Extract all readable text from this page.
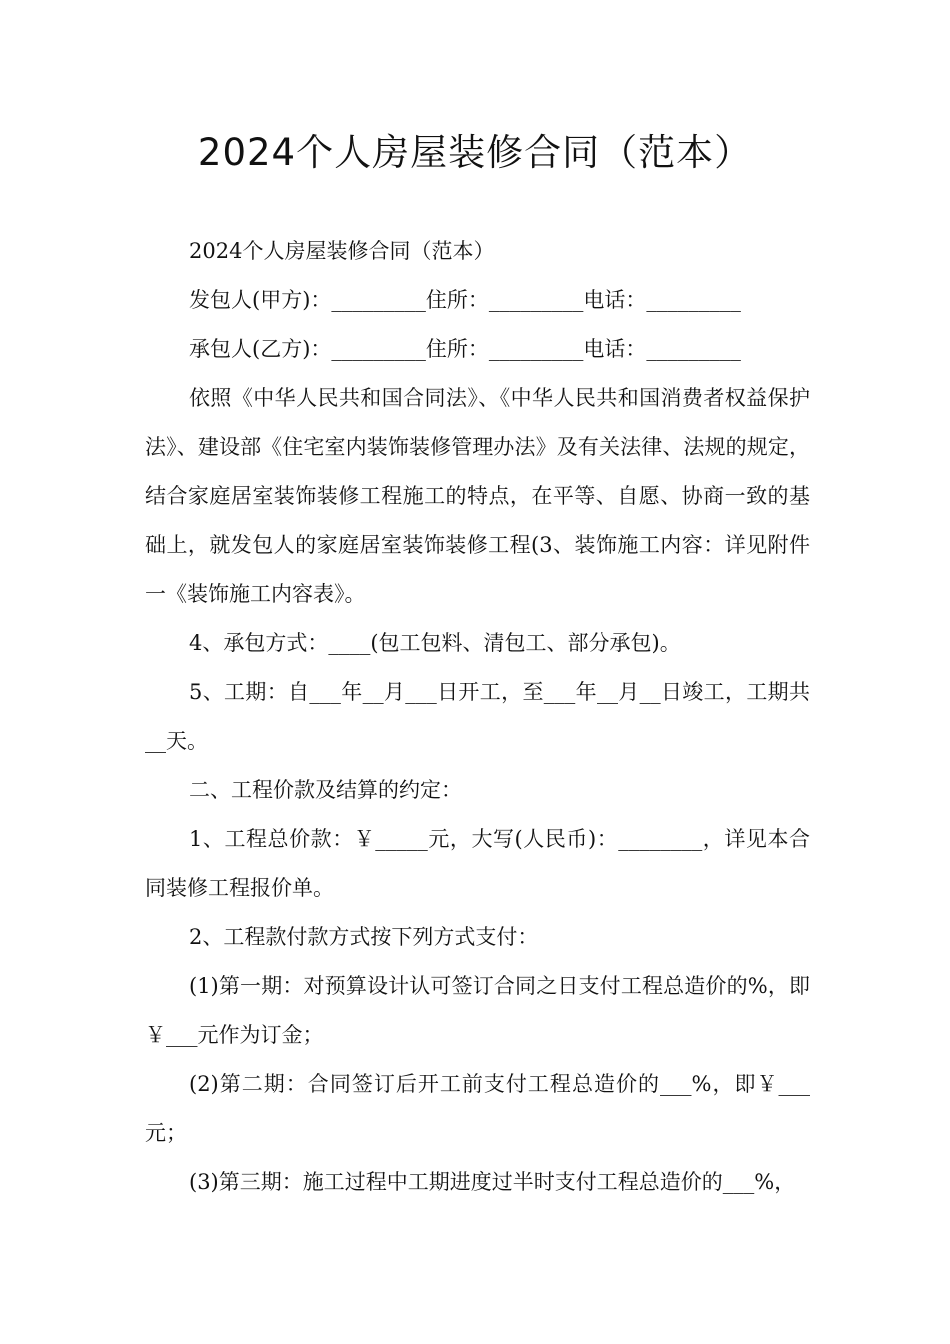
2024个人房屋装修合同（范本）

2024个人房屋装修合同（范本）

发包人(甲方)：_________住所：_________电话：_________

承包人(乙方)：_________住所：_________电话：_________

依照《中华人民共和国合同法》、《中华人民共和国消费者权益保护法》、建设部《住宅室内装饰装修管理办法》及有关法律、法规的规定，结合家庭居室装饰装修工程施工的特点，在平等、自愿、协商一致的基础上，就发包人的家庭居室装饰装修工程(3、装饰施工内容：详见附件一《装饰施工内容表》。

4、承包方式：____(包工包料、清包工、部分承包)。

5、工期：自___年__月___日开工，至___年__月__日竣工，工期共__天。

二、工程价款及结算的约定：

1、工程总价款：￥_____元，大写(人民币)：________，详见本合同装修工程报价单。

2、工程款付款方式按下列方式支付：

(1)第一期：对预算设计认可签订合同之日支付工程总造价的%，即￥___元作为订金；

(2)第二期：合同签订后开工前支付工程总造价的___%，即￥___元；

(3)第三期：施工过程中工期进度过半时支付工程总造价的___%，
